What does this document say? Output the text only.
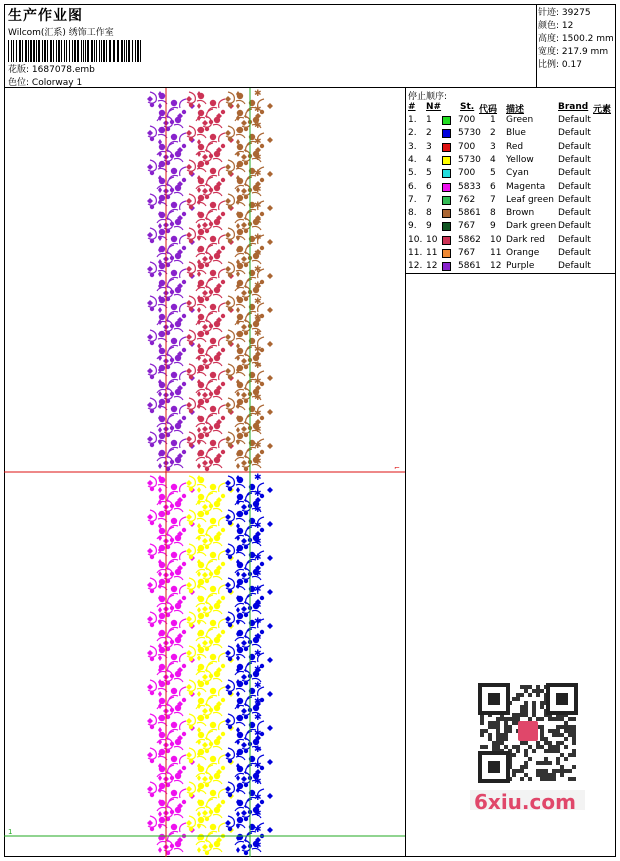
生产作业图
Wilcom(汇系) 绣饰工作室
花版: 1687078.emb
色位: Colorway 1
针迹: 39275
颜色: 12
高度: 1500.2 mm
宽度: 217.9 mm
比例: 0.17
✱
✱
✱
✱
✱
✱
✱
✱
✱
✱
✱
✱
✱
✱
✱
✱
✱
✱
✱
✱
✱
✱
✱
✱
✱
✱
✱
✱
✱
✱
✱
✱
✱
✱
✱
✱
✱
✱
✱
✱
✱
✱
✱
✱
✱
✱
✱
✱
⌐
1
停止顺序:
# N# St. 代码 描述	Brand 元素
1. 1	700 1 Green	Default
2. 2	5730 2 Blue	Default
3. 3	700 3 Red	Default
4. 4	5730 4 Yellow	Default
5. 5	700 5 Cyan	Default
6. 6	5833 6 Magenta Default
7. 7	762 7 Leaf green Default
8. 8	5861 8 Brown	Default
9. 9	767 9 Dark green Default
10. 10 5862 10 Dark red Default
11. 11 767 11 Orange Default
12. 12 5861 12 Purple	Default
6xiu.com
